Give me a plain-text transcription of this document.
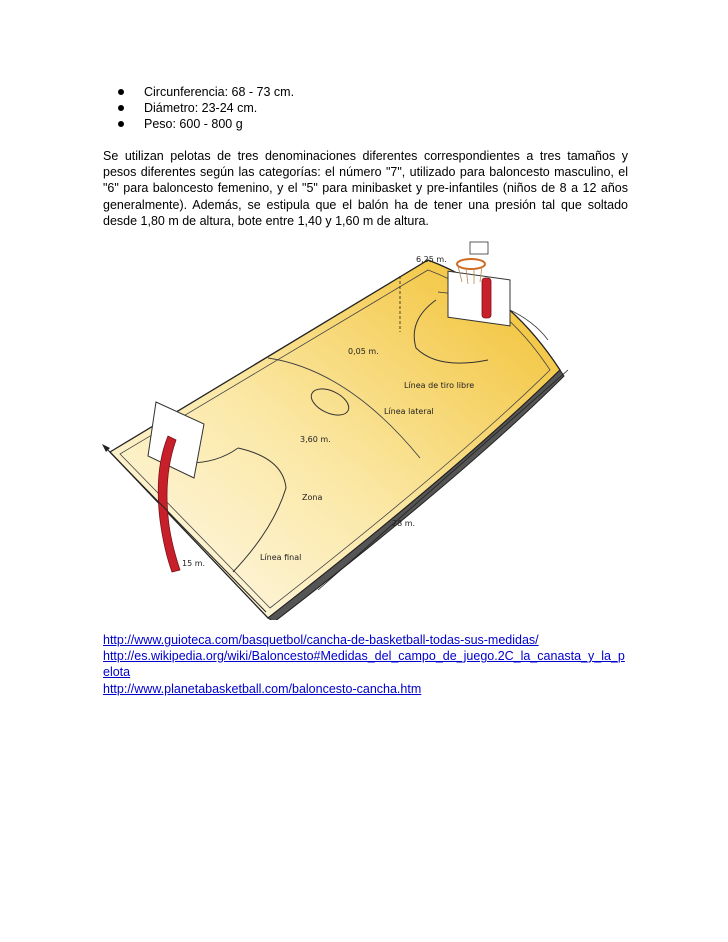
Circunferencia: 68 - 73 cm.
Diámetro: 23-24 cm.
Peso: 600 - 800 g

Se utilizan pelotas de tres denominaciones diferentes correspondientes a tres tamaños y pesos diferentes según las categorías: el número "7", utilizado para baloncesto masculino, el "6" para baloncesto femenino, y el "5" para minibasket y pre-infantiles (niños de 8 a 12 años generalmente). Además, se estipula que el balón ha de tener una presión tal que soltado desde 1,80 m de altura, bote entre 1,40 y 1,60 m de altura.

6,25 m.
0,05 m.
Línea de tiro libre
Línea lateral
3,60 m.
Zona
Línea final
15 m.
28 m.
http://www.guioteca.com/basquetbol/cancha-de-basketball-todas-sus-medidas/
http://es.wikipedia.org/wiki/Baloncesto#Medidas_del_campo_de_juego.2C_la_canasta_y_la_pelota
http://www.planetabasketball.com/baloncesto-cancha.htm
